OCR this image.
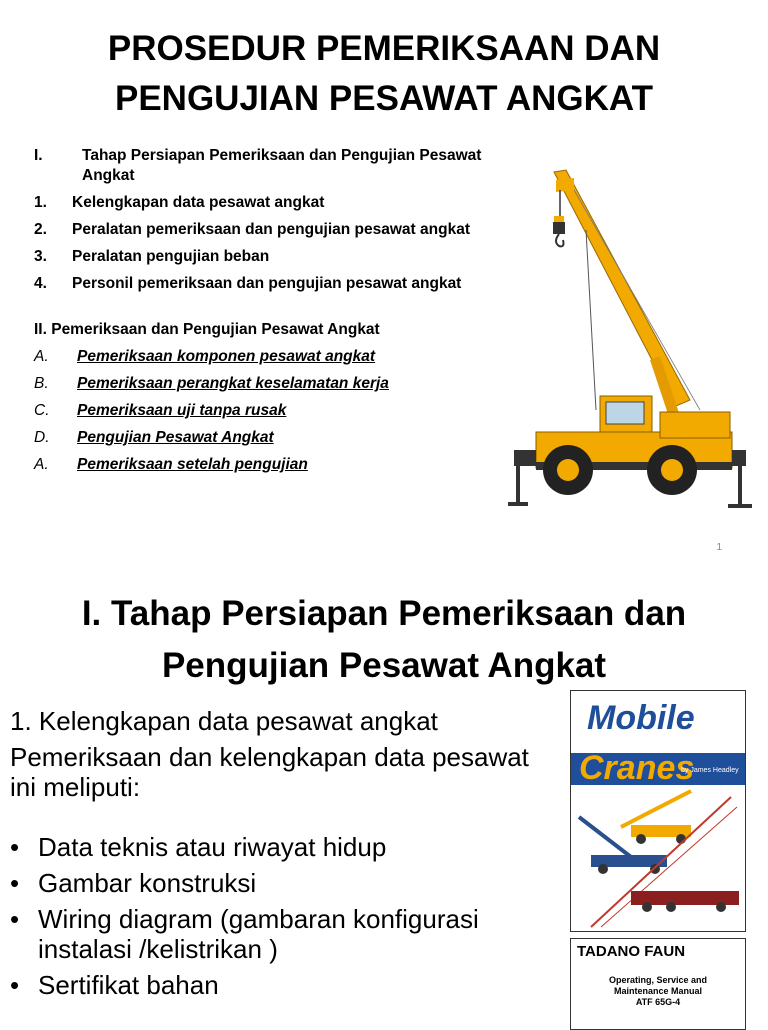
PROSEDUR PEMERIKSAAN DAN
PENGUJIAN PESAWAT ANGKAT
I.	Tahap Persiapan Pemeriksaan dan Pengujian Pesawat Angkat
1.	Kelengkapan data pesawat angkat
2.	Peralatan pemeriksaan dan pengujian pesawat angkat
3.	Peralatan pengujian beban
4.	Personil pemeriksaan dan pengujian pesawat angkat
II. Pemeriksaan dan Pengujian Pesawat Angkat
A.	Pemeriksaan komponen pesawat angkat
B.	Pemeriksaan perangkat keselamatan kerja
C.	Pemeriksaan uji tanpa rusak
D.	Pengujian Pesawat Angkat
A.	Pemeriksaan setelah pengujian
1
I. Tahap Persiapan Pemeriksaan dan
Pengujian Pesawat Angkat
1. Kelengkapan data pesawat angkat
Pemeriksaan dan kelengkapan data pesawat ini meliputi:
• Data teknis atau riwayat hidup
• Gambar konstruksi
• Wiring diagram (gambaran konfigurasi instalasi /kelistrikan )
• Sertifikat bahan
Mobile
Cranes
by James Headley
TADANO FAUN
Operating, Service and
Maintenance Manual
ATF 65G-4
